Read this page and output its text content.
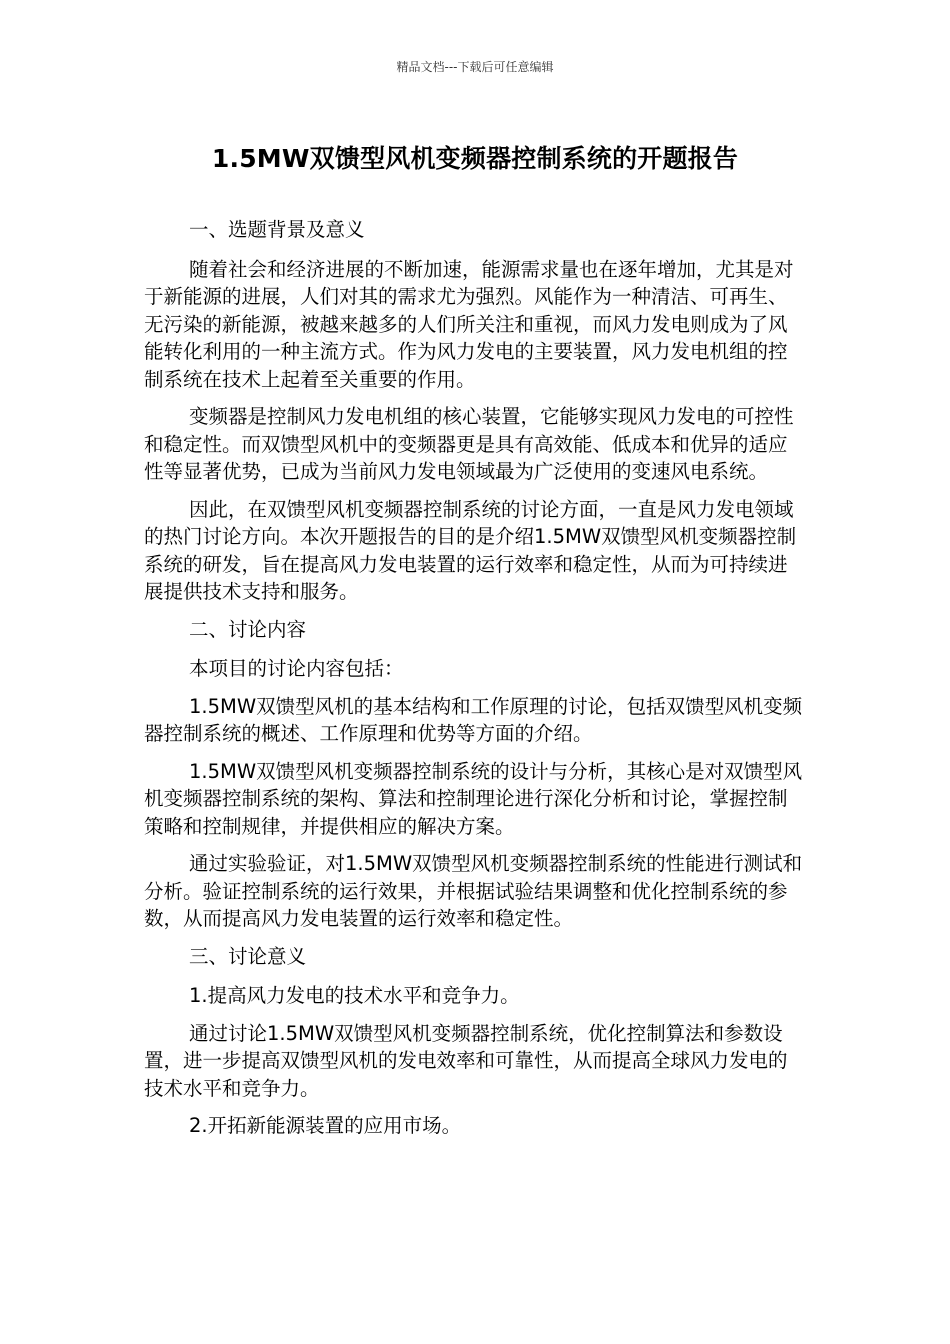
精品文档---下载后可任意编辑
1.5MW双馈型风机变频器控制系统的开题报告

一、选题背景及意义

随着社会和经济进展的不断加速，能源需求量也在逐年增加，尤其是对于新能源的进展，人们对其的需求尤为强烈。风能作为一种清洁、可再生、无污染的新能源，被越来越多的人们所关注和重视，而风力发电则成为了风能转化利用的一种主流方式。作为风力发电的主要装置，风力发电机组的控制系统在技术上起着至关重要的作用。

变频器是控制风力发电机组的核心装置，它能够实现风力发电的可控性和稳定性。而双馈型风机中的变频器更是具有高效能、低成本和优异的适应性等显著优势，已成为当前风力发电领域最为广泛使用的变速风电系统。

因此，在双馈型风机变频器控制系统的讨论方面，一直是风力发电领域的热门讨论方向。本次开题报告的目的是介绍1.5MW双馈型风机变频器控制系统的研发，旨在提高风力发电装置的运行效率和稳定性，从而为可持续进展提供技术支持和服务。

二、讨论内容

本项目的讨论内容包括：

1.5MW双馈型风机的基本结构和工作原理的讨论，包括双馈型风机变频器控制系统的概述、工作原理和优势等方面的介绍。

1.5MW双馈型风机变频器控制系统的设计与分析，其核心是对双馈型风机变频器控制系统的架构、算法和控制理论进行深化分析和讨论，掌握控制策略和控制规律，并提供相应的解决方案。

通过实验验证，对1.5MW双馈型风机变频器控制系统的性能进行测试和分析。验证控制系统的运行效果，并根据试验结果调整和优化控制系统的参数，从而提高风力发电装置的运行效率和稳定性。

三、讨论意义

1.提高风力发电的技术水平和竞争力。

通过讨论1.5MW双馈型风机变频器控制系统，优化控制算法和参数设置，进一步提高双馈型风机的发电效率和可靠性，从而提高全球风力发电的技术水平和竞争力。

2.开拓新能源装置的应用市场。
